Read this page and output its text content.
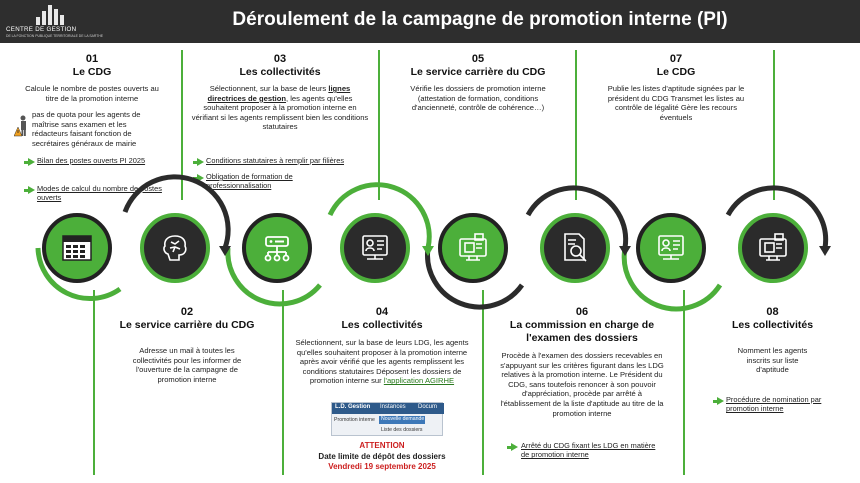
CENTRE DE GESTION
DE LA FONCTION PUBLIQUE TERRITORIALE DE LA SARTHE
Déroulement de la campagne de promotion interne (PI)
01
Le CDG
Calcule le nombre de postes ouverts au titre de la promotion interne
pas de quota pour les agents de maîtrise sans examen et les rédacteurs faisant fonction de secrétaires généraux de mairie
Bilan des postes ouverts PI 2025
Modes de calcul du nombre de postes ouverts
03
Les collectivités
Sélectionnent, sur la base de leurs lignes directrices de gestion, les agents qu'elles souhaitent proposer à la promotion interne en vérifiant si les agents remplissent bien les conditions statutaires
Conditions statutaires à remplir par filières
Obligation de formation de professionnalisation
05
Le service carrière du CDG
Vérifie les dossiers de promotion interne (attestation de formation, conditions d'ancienneté, contrôle de cohérence…)
07
Le CDG
Publie les listes d'aptitude signées par le président du CDG Transmet les listes au contrôle de légalité Gère les recours éventuels
02
Le service carrière du CDG
Adresse un mail à toutes les collectivités pour les informer de l'ouverture de la campagne de promotion interne
04
Les collectivités
Sélectionnent, sur la base de leurs LDG, les agents qu'elles souhaitent proposer à la promotion interne après avoir vérifié que les agents remplissent les conditions statutaires Déposent les dossiers de promotion interne sur l'application AGIRHE
L.D. Gestion Instances Docum
Promotion interne	Nouvelle demande
Liste des dossiers
ATTENTION
Date limite de dépôt des dossiers
Vendredi 19 septembre 2025
06
La commission en charge de l'examen des dossiers
Procède à l'examen des dossiers recevables en s'appuyant sur les critères figurant dans les LDG relatives à la promotion interne. Le Président du CDG, sans toutefois renoncer à son pouvoir d'appréciation, procède par arrêté à l'établissement de la liste d'aptitude au titre de la promotion interne
Arrêté du CDG fixant les LDG en matière de promotion interne
08
Les collectivités
Nomment les agents inscrits sur liste d'aptitude
Procédure de nomination par promotion interne
